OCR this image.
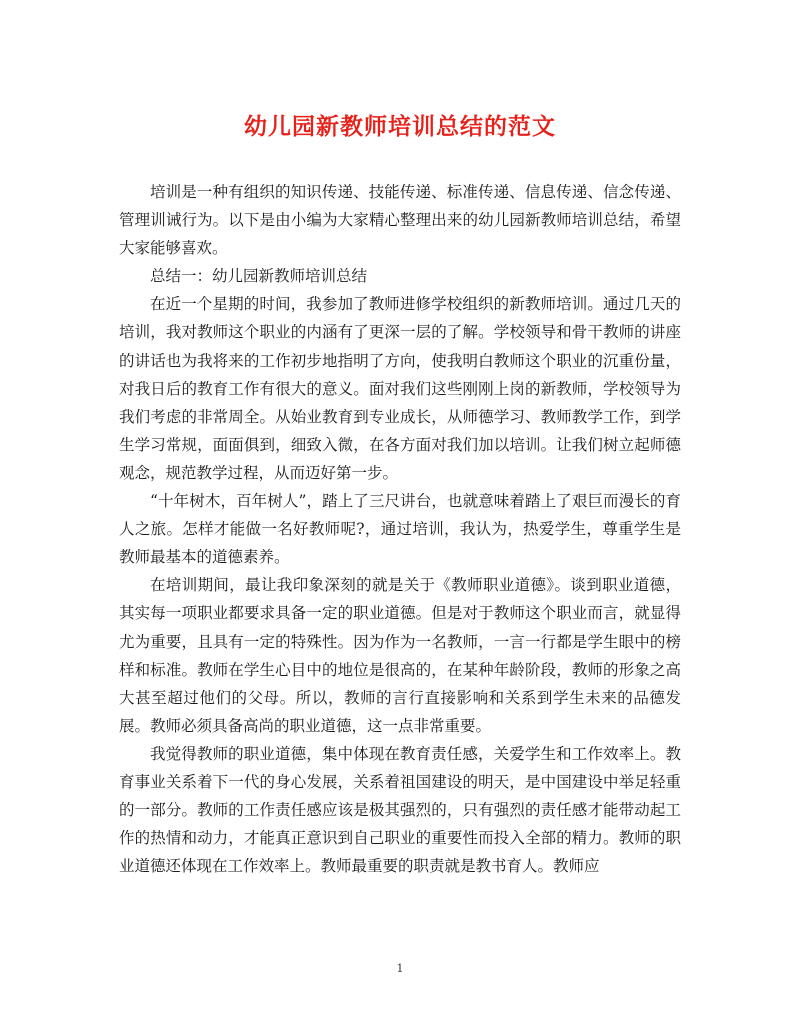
幼儿园新教师培训总结的范文

培训是一种有组织的知识传递、技能传递、标准传递、信息传递、信念传递、管理训诫行为。以下是由小编为大家精心整理出来的幼儿园新教师培训总结，希望大家能够喜欢。

总结一：幼儿园新教师培训总结

在近一个星期的时间，我参加了教师进修学校组织的新教师培训。通过几天的培训，我对教师这个职业的内涵有了更深一层的了解。学校领导和骨干教师的讲座的讲话也为我将来的工作初步地指明了方向，使我明白教师这个职业的沉重份量，对我日后的教育工作有很大的意义。面对我们这些刚刚上岗的新教师，学校领导为我们考虑的非常周全。从始业教育到专业成长，从师德学习、教师教学工作，到学生学习常规，面面俱到，细致入微，在各方面对我们加以培训。让我们树立起师德观念，规范教学过程，从而迈好第一步。

“十年树木，百年树人”，踏上了三尺讲台，也就意味着踏上了艰巨而漫长的育人之旅。怎样才能做一名好教师呢?，通过培训，我认为，热爱学生，尊重学生是教师最基本的道德素养。

在培训期间，最让我印象深刻的就是关于《教师职业道德》。谈到职业道德，其实每一项职业都要求具备一定的职业道德。但是对于教师这个职业而言，就显得尤为重要，且具有一定的特殊性。因为作为一名教师，一言一行都是学生眼中的榜样和标准。教师在学生心目中的地位是很高的，在某种年龄阶段，教师的形象之高大甚至超过他们的父母。所以，教师的言行直接影响和关系到学生未来的品德发展。教师必须具备高尚的职业道德，这一点非常重要。

我觉得教师的职业道德，集中体现在教育责任感，关爱学生和工作效率上。教育事业关系着下一代的身心发展，关系着祖国建设的明天，是中国建设中举足轻重的一部分。教师的工作责任感应该是极其强烈的，只有强烈的责任感才能带动起工作的热情和动力，才能真正意识到自己职业的重要性而投入全部的精力。教师的职业道德还体现在工作效率上。教师最重要的职责就是教书育人。教师应

1
